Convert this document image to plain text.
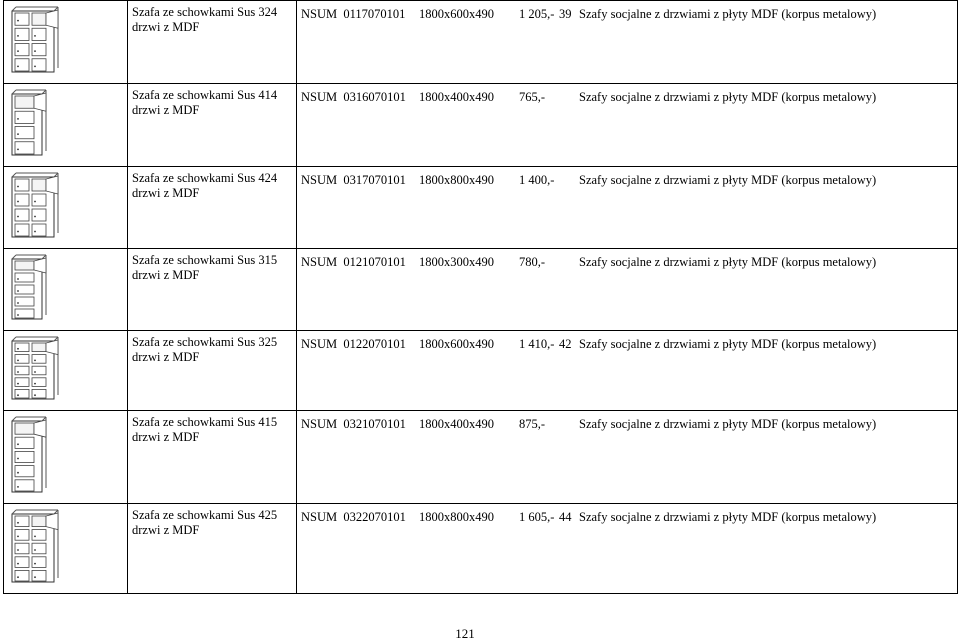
Szafa ze schowkami Sus 324
drzwi z MDF	NSUM  0117070101 1800x600x490 1 205,- 39 Szafy socjalne z drzwiami z płyty MDF (korpus metalowy)

Szafa ze schowkami Sus 414
drzwi z MDF	NSUM  0316070101 1800x400x490 765,- Szafy socjalne z drzwiami z płyty MDF (korpus metalowy)

Szafa ze schowkami Sus 424
drzwi z MDF	NSUM  0317070101 1800x800x490 1 400,- Szafy socjalne z drzwiami z płyty MDF (korpus metalowy)

Szafa ze schowkami Sus 315
drzwi z MDF	NSUM  0121070101 1800x300x490 780,- Szafy socjalne z drzwiami z płyty MDF (korpus metalowy)

Szafa ze schowkami Sus 325
drzwi z MDF	NSUM  0122070101 1800x600x490 1 410,- 42 Szafy socjalne z drzwiami z płyty MDF (korpus metalowy)

Szafa ze schowkami Sus 415
drzwi z MDF	NSUM  0321070101 1800x400x490 875,- Szafy socjalne z drzwiami z płyty MDF (korpus metalowy)

Szafa ze schowkami Sus 425
drzwi z MDF	NSUM  0322070101 1800x800x490 1 605,- 44 Szafy socjalne z drzwiami z płyty MDF (korpus metalowy)
121
